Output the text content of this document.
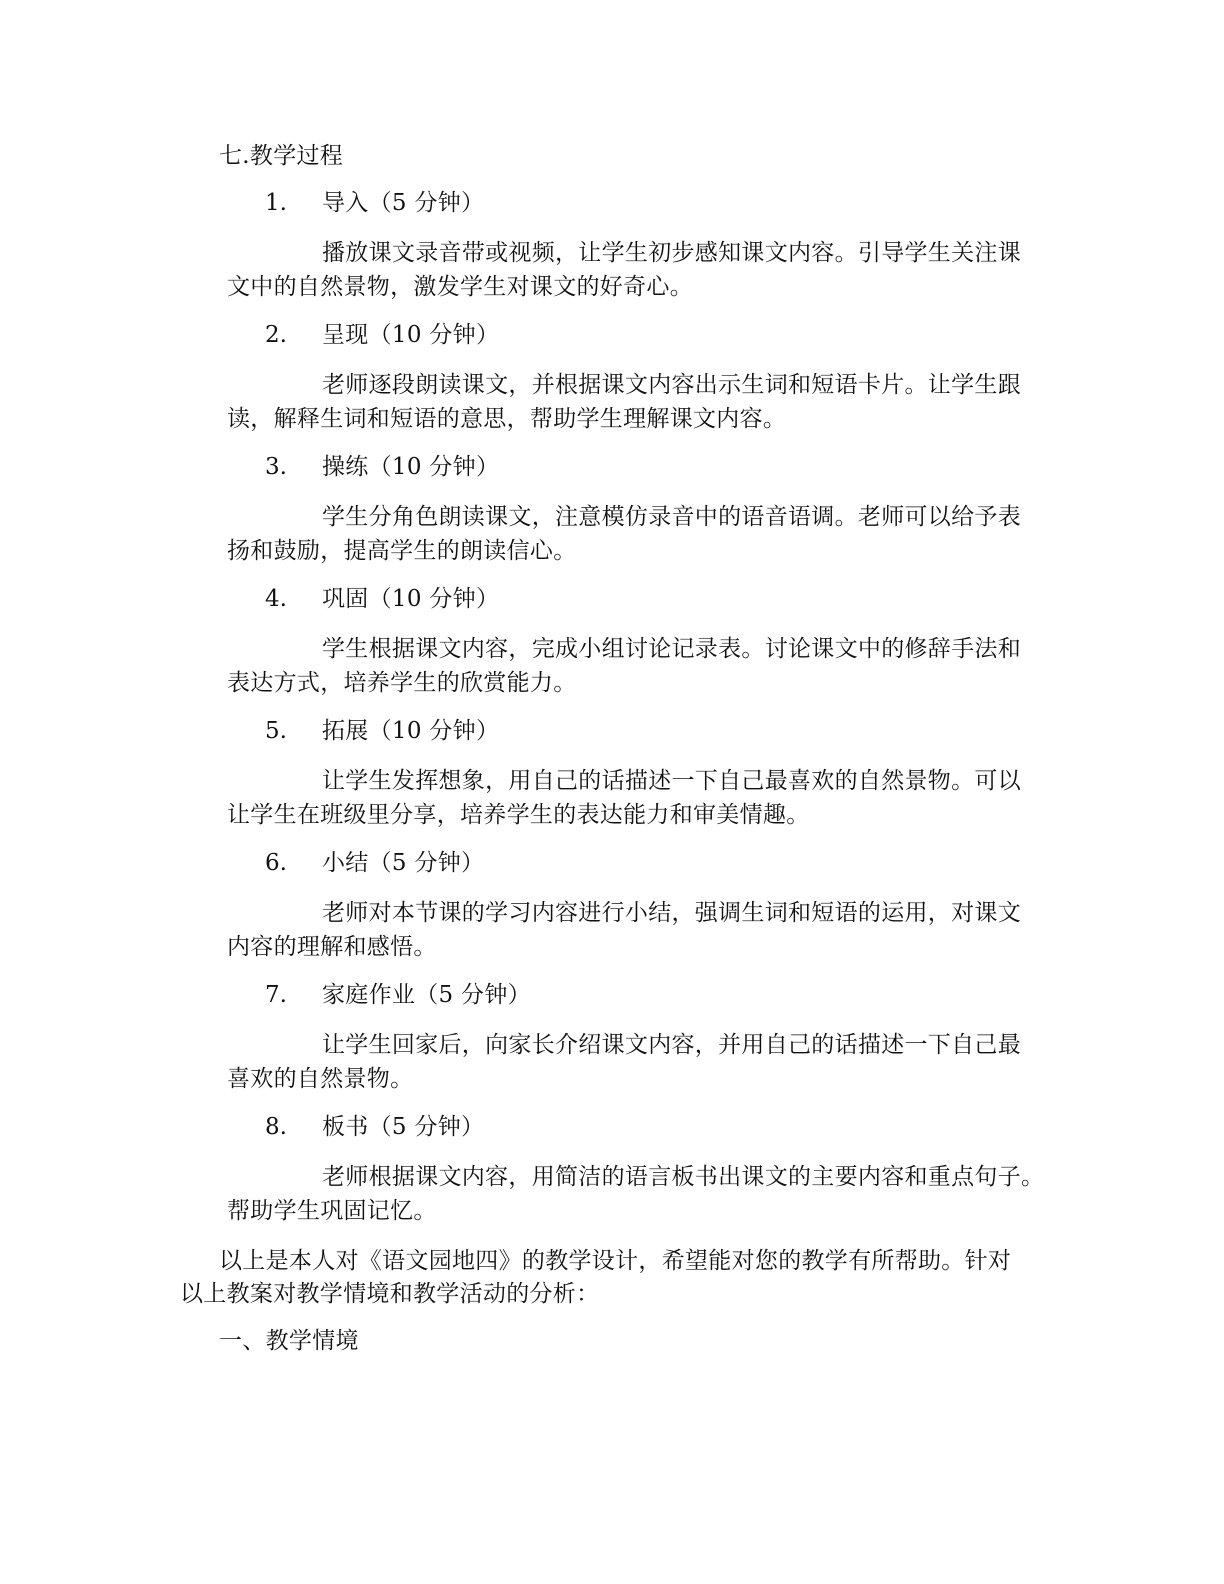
七.教学过程
1. 导入（5 分钟）
播放课文录音带或视频，让学生初步感知课文内容。引导学生关注课
文中的自然景物，激发学生对课文的好奇心。
2. 呈现（10 分钟）
老师逐段朗读课文，并根据课文内容出示生词和短语卡片。让学生跟
读，解释生词和短语的意思，帮助学生理解课文内容。
3. 操练（10 分钟）
学生分角色朗读课文，注意模仿录音中的语音语调。老师可以给予表
扬和鼓励，提高学生的朗读信心。
4. 巩固（10 分钟）
学生根据课文内容，完成小组讨论记录表。讨论课文中的修辞手法和
表达方式，培养学生的欣赏能力。
5. 拓展（10 分钟）
让学生发挥想象，用自己的话描述一下自己最喜欢的自然景物。可以
让学生在班级里分享，培养学生的表达能力和审美情趣。
6. 小结（5 分钟）
老师对本节课的学习内容进行小结，强调生词和短语的运用，对课文
内容的理解和感悟。
7. 家庭作业（5 分钟）
让学生回家后，向家长介绍课文内容，并用自己的话描述一下自己最
喜欢的自然景物。
8. 板书（5 分钟）
老师根据课文内容，用简洁的语言板书出课文的主要内容和重点句子。
帮助学生巩固记忆。
以上是本人对《语文园地四》的教学设计，希望能对您的教学有所帮助。针对
以上教案对教学情境和教学活动的分析：
一、教学情境
